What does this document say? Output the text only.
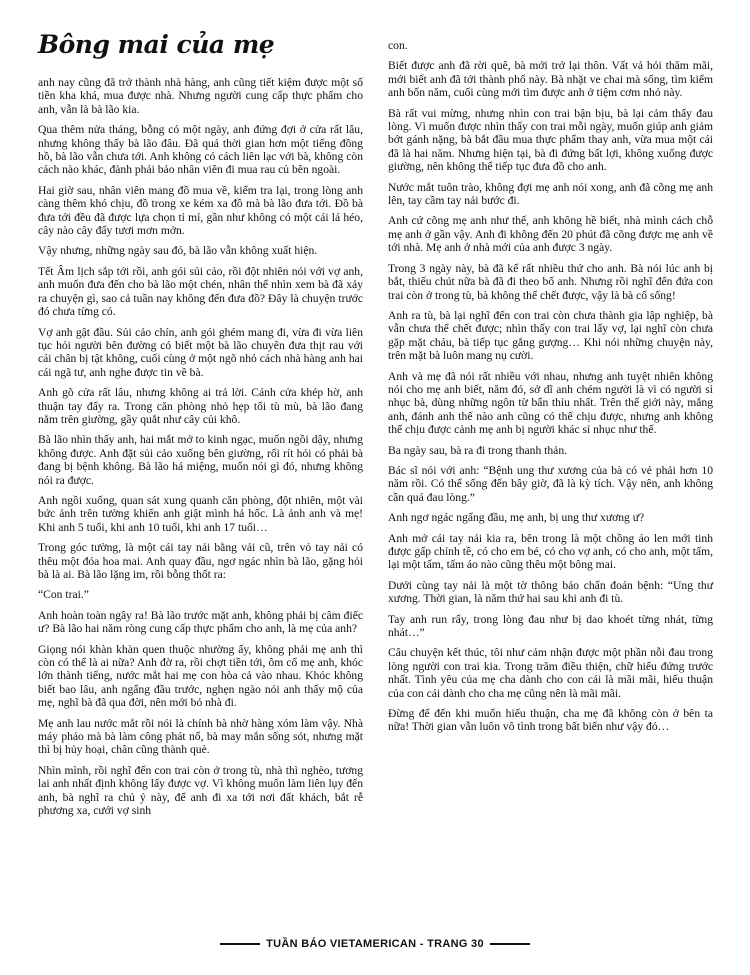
Bông mai của mẹ

anh nay cũng đã trở thành nhà hàng, anh cũng tiết kiệm được một số tiền kha khá, mua được nhà. Nhưng người cung cấp thực phẩm cho anh, vẫn là bà lão kia.

Qua thêm nửa tháng, bỗng có một ngày, anh đứng đợi ở cửa rất lâu, nhưng không thấy bà lão đâu. Đã quá thời gian hơn một tiếng đồng hồ, bà lão vẫn chưa tới. Anh không có cách liên lạc với bà, không còn cách nào khác, đành phải bảo nhân viên đi mua rau củ bên ngoài.

Hai giờ sau, nhân viên mang đồ mua về, kiểm tra lại, trong lòng anh càng thêm khó chịu, đồ trong xe kém xa đồ mà bà lão đưa tới. Đồ bà đưa tới đều đã được lựa chọn tỉ mỉ, gần như không có một cái lá héo, cây nào cây đấy tươi mơn mởn.

Vậy nhưng, những ngày sau đó, bà lão vẫn không xuất hiện.

Tết Âm lịch sắp tới rồi, anh gói sủi cảo, rồi đột nhiên nói với vợ anh, anh muốn đưa đến cho bà lão một chén, nhân thể nhìn xem bà đã xảy ra chuyện gì, sao cả tuần nay không đến đưa đồ? Đây là chuyện trước đó chưa từng có.

Vợ anh gật đầu. Sủi cảo chín, anh gói ghém mang đi, vừa đi vừa liên tục hỏi người bên đường có biết một bà lão chuyên đưa thịt rau với cái chân bị tật không, cuối cùng ở một ngõ nhỏ cách nhà hàng anh hai cái ngã tư, anh nghe được tin về bà.

Anh gõ cửa rất lâu, nhưng không ai trả lời. Cánh cửa khép hờ, anh thuận tay đẩy ra. Trong căn phòng nhỏ hẹp tối tù mù, bà lão đang nằm trên giường, gầy quắt như cây củi khô.

Bà lão nhìn thấy anh, hai mắt mở to kinh ngạc, muốn ngồi dậy, nhưng không được. Anh đặt sủi cảo xuống bên giường, rối rít hỏi có phải bà đang bị bệnh không. Bà lão há miệng, muốn nói gì đó, nhưng không nói ra được.

Anh ngồi xuống, quan sát xung quanh căn phòng, đột nhiên, một vài bức ảnh trên tường khiến anh giật mình hả hốc. Là ảnh anh và mẹ! Khi anh 5 tuổi, khi anh 10 tuổi, khi anh 17 tuổi…

Trong góc tường, là một cái tay nải bằng vải cũ, trên vỏ tay nải có thêu một đóa hoa mai. Anh quay đầu, ngơ ngác nhìn bà lão, gặng hỏi bà là ai. Bà lão lặng im, rồi bỗng thốt ra:

“Con trai.”

Anh hoàn toàn ngây ra! Bà lão trước mặt anh, không phải bị câm điếc ư? Bà lão hai năm ròng cung cấp thực phẩm cho anh, là mẹ của anh?

Giọng nói khàn khàn quen thuộc nhường ấy, không phải mẹ anh thì còn có thể là ai nữa? Anh đờ ra, rồi chợt tiền tới, ôm cổ mẹ anh, khóc lớn thành tiếng, nước mắt hai mẹ con hòa cả vào nhau. Khóc không biết bao lâu, anh ngẩng đầu trước, nghẹn ngào nói anh thấy mộ của mẹ, nghĩ bà đã qua đời, nên mới bỏ nhà đi.

Mẹ anh lau nước mắt rồi nói là chính bà nhờ hàng xóm làm vậy. Nhà máy pháo mà bà làm công phát nổ, bà may mắn sống sót, nhưng mặt thì bị hủy hoại, chân cũng thành què.

Nhìn mình, rồi nghĩ đến con trai còn ở trong tù, nhà thì nghèo, tương lai anh nhất định không lấy được vợ. Vì không muốn làm liên lụy đến anh, bà nghĩ ra chủ ý này, để anh đi xa tới nơi đất khách, bắt rễ phương xa, cưới vợ sinh

con.

Biết được anh đã rời quê, bà mới trở lại thôn. Vất vả hỏi thăm mãi, mới biết anh đã tới thành phố này. Bà nhặt ve chai mà sống, tìm kiếm anh bốn năm, cuối cùng mới tìm được anh ở tiệm cơm nhỏ này.

Bà rất vui mừng, nhưng nhìn con trai bận bịu, bà lại cảm thấy đau lòng. Vì muốn được nhìn thấy con trai mỗi ngày, muốn giúp anh giảm bớt gánh nặng, bà bắt đầu mua thực phẩm thay anh, vừa mua một cái đã là hai năm. Nhưng hiện tại, bà đi đứng bất lợi, không xuống được giường, nên không thể tiếp tục đưa đồ cho anh.

Nước mắt tuôn trào, không đợi mẹ anh nói xong, anh đã cõng mẹ anh lên, tay cầm tay nải bước đi.

Anh cứ cõng mẹ anh như thế, anh không hề biết, nhà mình cách chỗ mẹ anh ở gần vậy. Anh đi không đến 20 phút đã cõng được mẹ anh về tới nhà. Mẹ anh ở nhà mới của anh được 3 ngày.

Trong 3 ngày này, bà đã kể rất nhiều thứ cho anh. Bà nói lúc anh bị bắt, thiếu chút nữa bà đã đi theo bố anh. Nhưng rồi nghĩ đến đứa con trai còn ở trong tù, bà không thể chết được, vậy là bà cố sống!

Anh ra tù, bà lại nghĩ đến con trai còn chưa thành gia lập nghiệp, bà vẫn chưa thể chết được; nhìn thấy con trai lấy vợ, lại nghĩ còn chưa gặp mặt cháu, bà tiếp tục gắng gượng… Khi nói những chuyện này, trên mặt bà luôn mang nụ cười.

Anh và mẹ đã nói rất nhiều với nhau, nhưng anh tuyệt nhiên không nói cho mẹ anh biết, năm đó, sở dĩ anh chém người là vì có người sỉ nhục bà, dùng những ngôn từ bẩn thỉu nhất. Trên thế giới này, mắng anh, đánh anh thế nào anh cũng có thể chịu được, nhưng anh không thể chịu được cảnh mẹ anh bị người khác sỉ nhục như thế.

Ba ngày sau, bà ra đi trong thanh thản.

Bác sĩ nói với anh: “Bệnh ung thư xương của bà có vẻ phải hơn 10 năm rồi. Có thể sống đến bây giờ, đã là kỳ tích. Vậy nên, anh không cần quá đau lòng.”

Anh ngơ ngác ngẩng đầu, mẹ anh, bị ung thư xương ư?

Anh mở cái tay nải kia ra, bên trong là một chồng áo len mới tinh được gấp chỉnh tề, có cho em bé, có cho vợ anh, có cho anh, một tấm, lại một tấm, tấm áo nào cũng thêu một bông mai.

Dưới cùng tay nải là một tờ thông báo chẩn đoán bệnh: “Ung thư xương. Thời gian, là năm thứ hai sau khi anh đi tù.

Tay anh run rẩy, trong lòng đau như bị dao khoét từng nhát, từng nhát…”

Câu chuyện kết thúc, tôi như cảm nhận được một phần nỗi đau trong lòng người con trai kia. Trong trăm điều thiện, chữ hiếu đứng trước nhất. Tình yêu của mẹ cha dành cho con cái là mãi mãi, hiếu thuận của con cái dành cho cha mẹ cũng nên là mãi mãi.

Đừng để đến khi muốn hiếu thuận, cha mẹ đã không còn ở bên ta nữa! Thời gian vẫn luôn vô tình trong bất biến như vậy đó…

TUẦN BÁO VIETAMERICAN - TRANG 30
